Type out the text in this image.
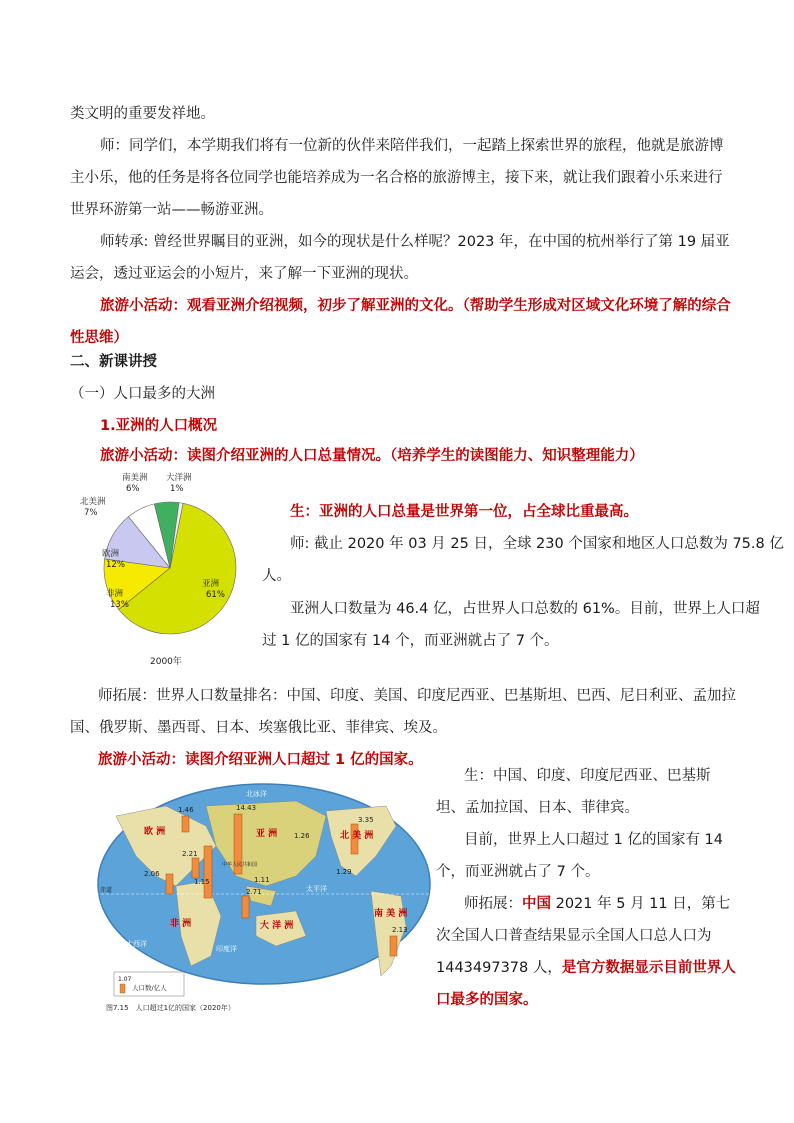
类文明的重要发祥地。
师：同学们，本学期我们将有一位新的伙伴来陪伴我们，一起踏上探索世界的旅程，他就是旅游博主小乐，他的任务是将各位同学也能培养成为一名合格的旅游博主，接下来，就让我们跟着小乐来进行世界环游第一站——畅游亚洲。
师转承: 曾经世界瞩目的亚洲，如今的现状是什么样呢？2023 年，在中国的杭州举行了第 19 届亚运会，透过亚运会的小短片，来了解一下亚洲的现状。
旅游小活动：观看亚洲介绍视频，初步了解亚洲的文化。（帮助学生形成对区域文化环境了解的综合性思维）
二、新课讲授
（一）人口最多的大洲
1.亚洲的人口概况
旅游小活动：读图介绍亚洲的人口总量情况。（培养学生的读图能力、知识整理能力）
亚洲
61%
非洲
13%
欧洲
12%
北美洲
7%
南美洲
6%
大洋洲
1%
2000年
生：亚洲的人口总量是世界第一位，占全球比重最高。
师: 截止 2020 年 03 月 25 日，全球 230 个国家和地区人口总数为 75.8 亿
人。
亚洲人口数量为 46.4 亿，占世界人口总数的 61%。目前，世界上人口超
过 1 亿的国家有 14 个，而亚洲就占了 7 个。
师拓展：世界人口数量排名：中国、印度、美国、印度尼西亚、巴基斯坦、巴西、尼日利亚、孟加拉
国、俄罗斯、墨西哥、日本、埃塞俄比亚、菲律宾、埃及。
旅游小活动：读图介绍亚洲人口超过 1 亿的国家。
14.43
中华人民共和国
1.46
3.35
1.29
2.06
1.15
2.21
1.11
2.71
1.26
2.13
欧 洲	亚 洲
非 洲	大 洋 洲
北 美 洲
南 美 洲
北冰洋
太平洋
大西洋
印度洋
赤道
1.07
人口数/亿人
图7.15　人口超过1亿的国家（2020年）
生：中国、印度、印度尼西亚、巴基斯
坦、孟加拉国、日本、菲律宾。
目前，世界上人口超过 1 亿的国家有 14
个，而亚洲就占了 7 个。
师拓展：中国 2021 年 5 月 11 日，第七
次全国人口普查结果显示全国人口总人口为
1443497378 人，是官方数据显示目前世界人
口最多的国家。
